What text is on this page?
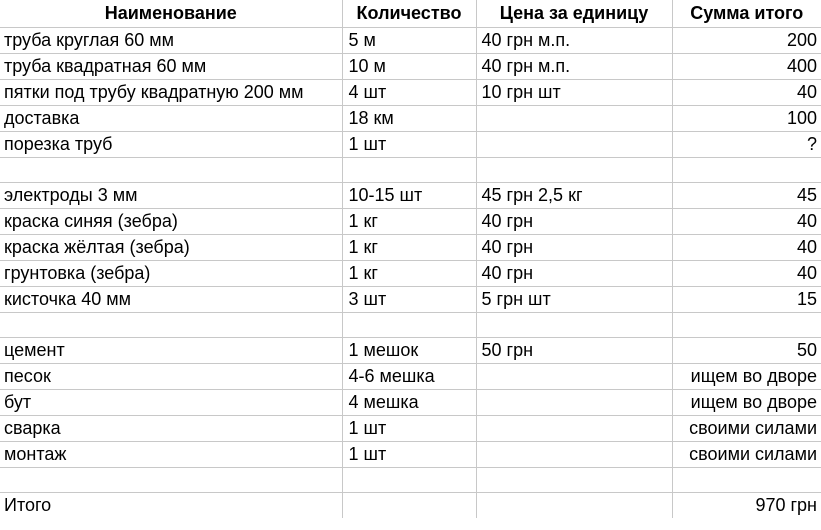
Наименование	Количество	Цена за единицу	Сумма итого
труба круглая 60 мм	5 м	40 грн м.п.	200
труба квадратная 60 мм	10 м	40 грн м.п.	400
пятки под трубу квадратную 200 мм	4 шт	10 грн шт	40
доставка	18 км		100
порезка труб	1 шт		?

электроды 3 мм	10-15 шт	45 грн 2,5 кг	45
краска синяя (зебра)	1 кг	40 грн	40
краска жёлтая (зебра)	1 кг	40 грн	40
грунтовка (зебра)	1 кг	40 грн	40
кисточка 40 мм	3 шт	5 грн шт	15

цемент	1 мешок	50 грн	50
песок	4-6 мешка		ищем во дворе
бут	4 мешка		ищем во дворе
сварка	1 шт		своими силами
монтаж	1 шт		своими силами

Итого			970 грн
